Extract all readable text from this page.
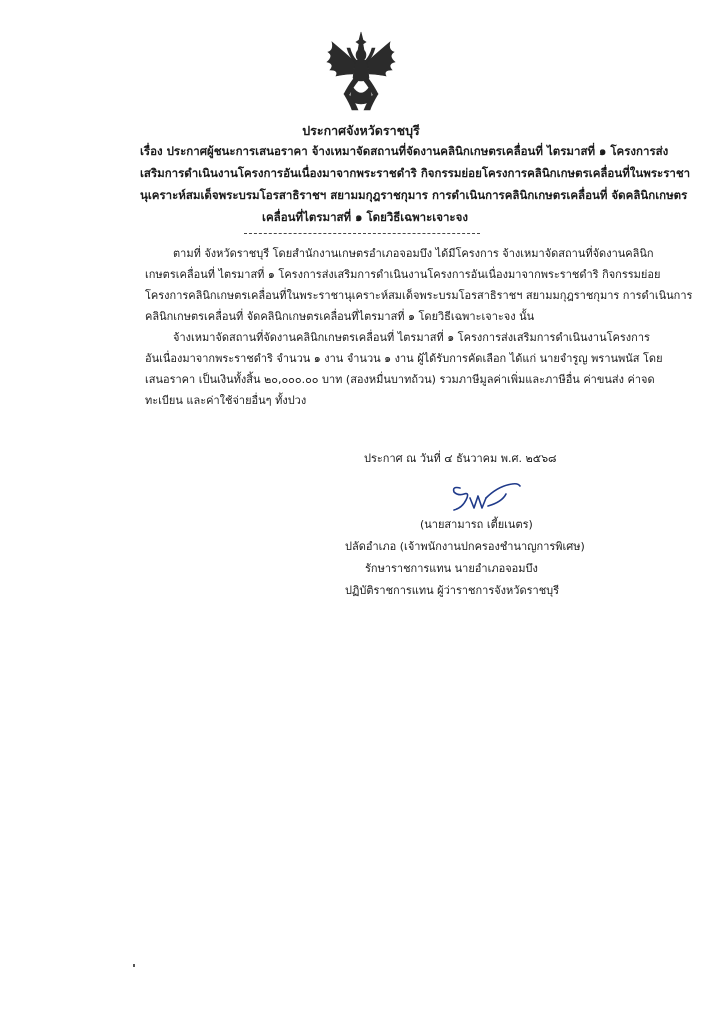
ประกาศจังหวัดราชบุรี
เรื่อง ประกาศผู้ชนะการเสนอราคา จ้างเหมาจัดสถานที่จัดงานคลินิกเกษตรเคลื่อนที่ ไตรมาสที่ ๑ โครงการส่ง
เสริมการดำเนินงานโครงการอันเนื่องมาจากพระราชดำริ กิจกรรมย่อยโครงการคลินิกเกษตรเคลื่อนที่ในพระราชา
นุเคราะห์สมเด็จพระบรมโอรสาธิราชฯ สยามมกุฎราชกุมาร การดำเนินการคลินิกเกษตรเคลื่อนที่ จัดคลินิกเกษตร
เคลื่อนที่ไตรมาสที่ ๑ โดยวิธีเฉพาะเจาะจง
ตามที่ จังหวัดราชบุรี โดยสำนักงานเกษตรอำเภอจอมบึง ได้มีโครงการ จ้างเหมาจัดสถานที่จัดงานคลินิก
เกษตรเคลื่อนที่ ไตรมาสที่ ๑ โครงการส่งเสริมการดำเนินงานโครงการอันเนื่องมาจากพระราชดำริ กิจกรรมย่อย
โครงการคลินิกเกษตรเคลื่อนที่ในพระราชานุเคราะห์สมเด็จพระบรมโอรสาธิราชฯ สยามมกุฎราชกุมาร การดำเนินการ
คลินิกเกษตรเคลื่อนที่ จัดคลินิกเกษตรเคลื่อนที่ไตรมาสที่ ๑ โดยวิธีเฉพาะเจาะจง นั้น
จ้างเหมาจัดสถานที่จัดงานคลินิกเกษตรเคลื่อนที่ ไตรมาสที่ ๑ โครงการส่งเสริมการดำเนินงานโครงการ
อันเนื่องมาจากพระราชดำริ จำนวน ๑ งาน จำนวน ๑ งาน ผู้ได้รับการคัดเลือก ได้แก่ นายจำรูญ พรานพนัส โดย
เสนอราคา เป็นเงินทั้งสิ้น ๒๐,๐๐๐.๐๐ บาท (สองหมื่นบาทถ้วน) รวมภาษีมูลค่าเพิ่มและภาษีอื่น ค่าขนส่ง ค่าจด
ทะเบียน และค่าใช้จ่ายอื่นๆ ทั้งปวง
ประกาศ ณ วันที่ ๔ ธันวาคม พ.ศ. ๒๕๖๘
(นายสามารถ เตี้ยเนตร)
ปลัดอำเภอ (เจ้าพนักงานปกครองชำนาญการพิเศษ)
รักษาราชการแทน นายอำเภอจอมบึง
ปฏิบัติราชการแทน ผู้ว่าราชการจังหวัดราชบุรี
